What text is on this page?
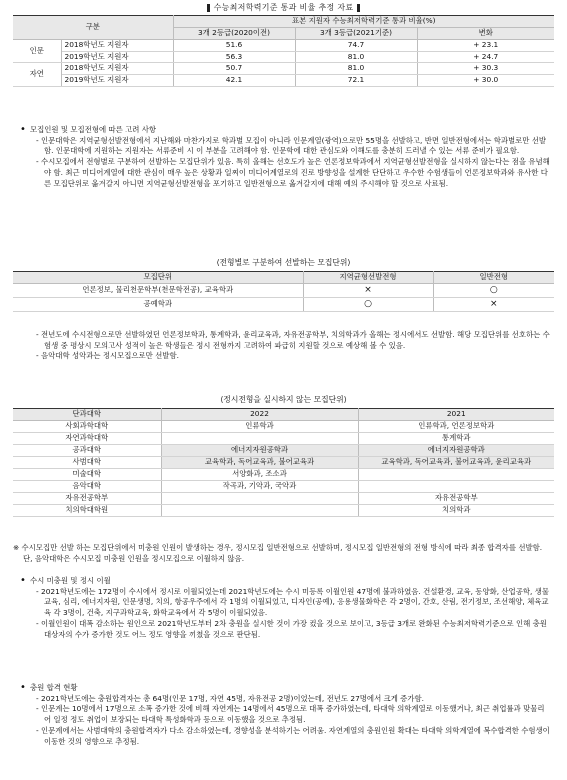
수능최저학력기준 통과 비율 추정 자료
구분		표본 지원자 수능최저학력기준 통과 비율(%)		
		3개 2등급(2020이전)	3개 3등급(2021기준)	변화
인문	2018학년도 지원자	51.6	74.7	+ 23.1
	2019학년도 지원자	56.3	81.0	+ 24.7
자연	2018학년도 지원자	50.7	81.0	+ 30.3
	2019학년도 지원자	42.1	72.1	+ 30.0
• 모집인원 및 모집전형에 따른 고려 사항

- 인문대학은 지역균형선발전형에서 지난해와 마찬가지로 학과별 모집이 아니라 인문계열(광역)으로만 55명을 선발하고, 반면 일반전형에서는 학과별로만 선발함. 인문대학에 지원하는 지원자는 서류준비 시 이 부분을 고려해야 함. 인문학에 대한 관심도와 이해도를 충분히 드러낼 수 있는 서류 준비가 필요함.

- 수시모집에서 전형별로 구분하여 선발하는 모집단위가 있음. 특히 올해는 선호도가 높은 언론정보학과에서 지역균형선발전형을 실시하지 않는다는 점을 유념해야 함. 최근 미디어계열에 대한 관심이 매우 높은 상황과 일찌이 미디어계열로의 진로 방향성을 설계한 단단하고 우수한 수험생들이 언론정보학과와 유사한 다른 모집단위로 옮겨갈지 아니면 지역균형선발전형을 포기하고 일반전형으로 옮겨갈지에 대해 예의 주시해야 할 것으로 사료됨.

⟨전형별로 구분하여 선발하는 모집단위⟩
모집단위	지역균형선발전형	일반전형
언론정보, 물리천문학부(천문학전공), 교육학과	×	○
공예학과	○	×

- 전년도에 수시전형으로만 선발하였던 언론정보학과, 통계학과, 윤리교육과, 자유전공학부, 치의학과가 올해는 정시에서도 선발함. 해당 모집단위를 선호하는 수험생 중 평상시 모의고사 성적이 높은 학생들은 정시 전형까지 고려하여 파급히 지원할 것으로 예상해 볼 수 있음.

- 음악대학 성악과는 정시모집으로만 선발함.

⟨정시전형을 실시하지 않는 모집단위⟩
단과대학	2022	2021
사회과학대학	인류학과	인류학과, 언론정보학과
자연과학대학		통계학과
공과대학	에너지자원공학과	에너지자원공학과
사범대학	교육학과, 독어교육과, 불어교육과	교육학과, 독어교육과, 불어교육과, 윤리교육과
미술대학	서양화과, 조소과	
음악대학	작곡과, 기악과, 국악과	
자유전공학부		자유전공학부
치의학대학원		치의학과
※ 수시모집만 선발 하는 모집단위에서 미충원 인원이 발생하는 경우, 정시모집 일반전형으로 선발하며, 정시모집 일반전형의 전형 방식에 따라 최종 합격자를 선발함. 단, 음악대학은 수시모집 미충원 인원을 정시모집으로 이월하지 않음.
• 수시 미충원 및 정시 이월

- 2021학년도에는 172명이 수시에서 정시로 이월되었는데 2021학년도에는 수시 미등록 이월인원 47명에 불과하였음. 건설환경, 교육, 동양화, 산업공학, 생물교육, 심리, 에너지자원, 인문생명, 치의, 항공우주에서 각 1명의 이월되었고, 디자인(공예), 응용생물화학은 각 2명이, 간호, 산림, 전기정보, 조선해양, 체육교육 각 3명이, 건축, 지구과학교육, 화학교육에서 각 5명이 이월되었음.

- 이월인원이 대폭 감소하는 원인으로 2021학년도부터 2차 충원을 실시한 것이 가장 컸을 것으로 보이고, 3등급 3개로 완화된 수능최저학력기준으로 인해 충원 대상자의 수가 증가한 것도 어느 정도 영향을 끼쳤을 것으로 판단됨.

• 충원 합격 현황

- 2021학년도에는 충원합격자는 총 64명(인문 17명, 자연 45명, 자유전공 2명)이었는데, 전년도 27명에서 크게 증가함.

- 인문계는 10명에서 17명으로 소폭 증가한 것에 비해 자연계는 14명에서 45명으로 대폭 증가하였는데, 타대학 의학계열로 이동했거나, 최근 취업률과 맞물리어 일정 정도 취업이 보장되는 타대학 특성화학과 등으로 이동했을 것으로 추정됨.

- 인문계에서는 사범대학의 충원합격자가 다소 감소하였는데, 경향성을 분석하기는 어려움. 자연계열의 충원인원 확대는 타대학 의학계열에 복수합격한 수험생이 이동한 것의 영향으로 추정됨.
